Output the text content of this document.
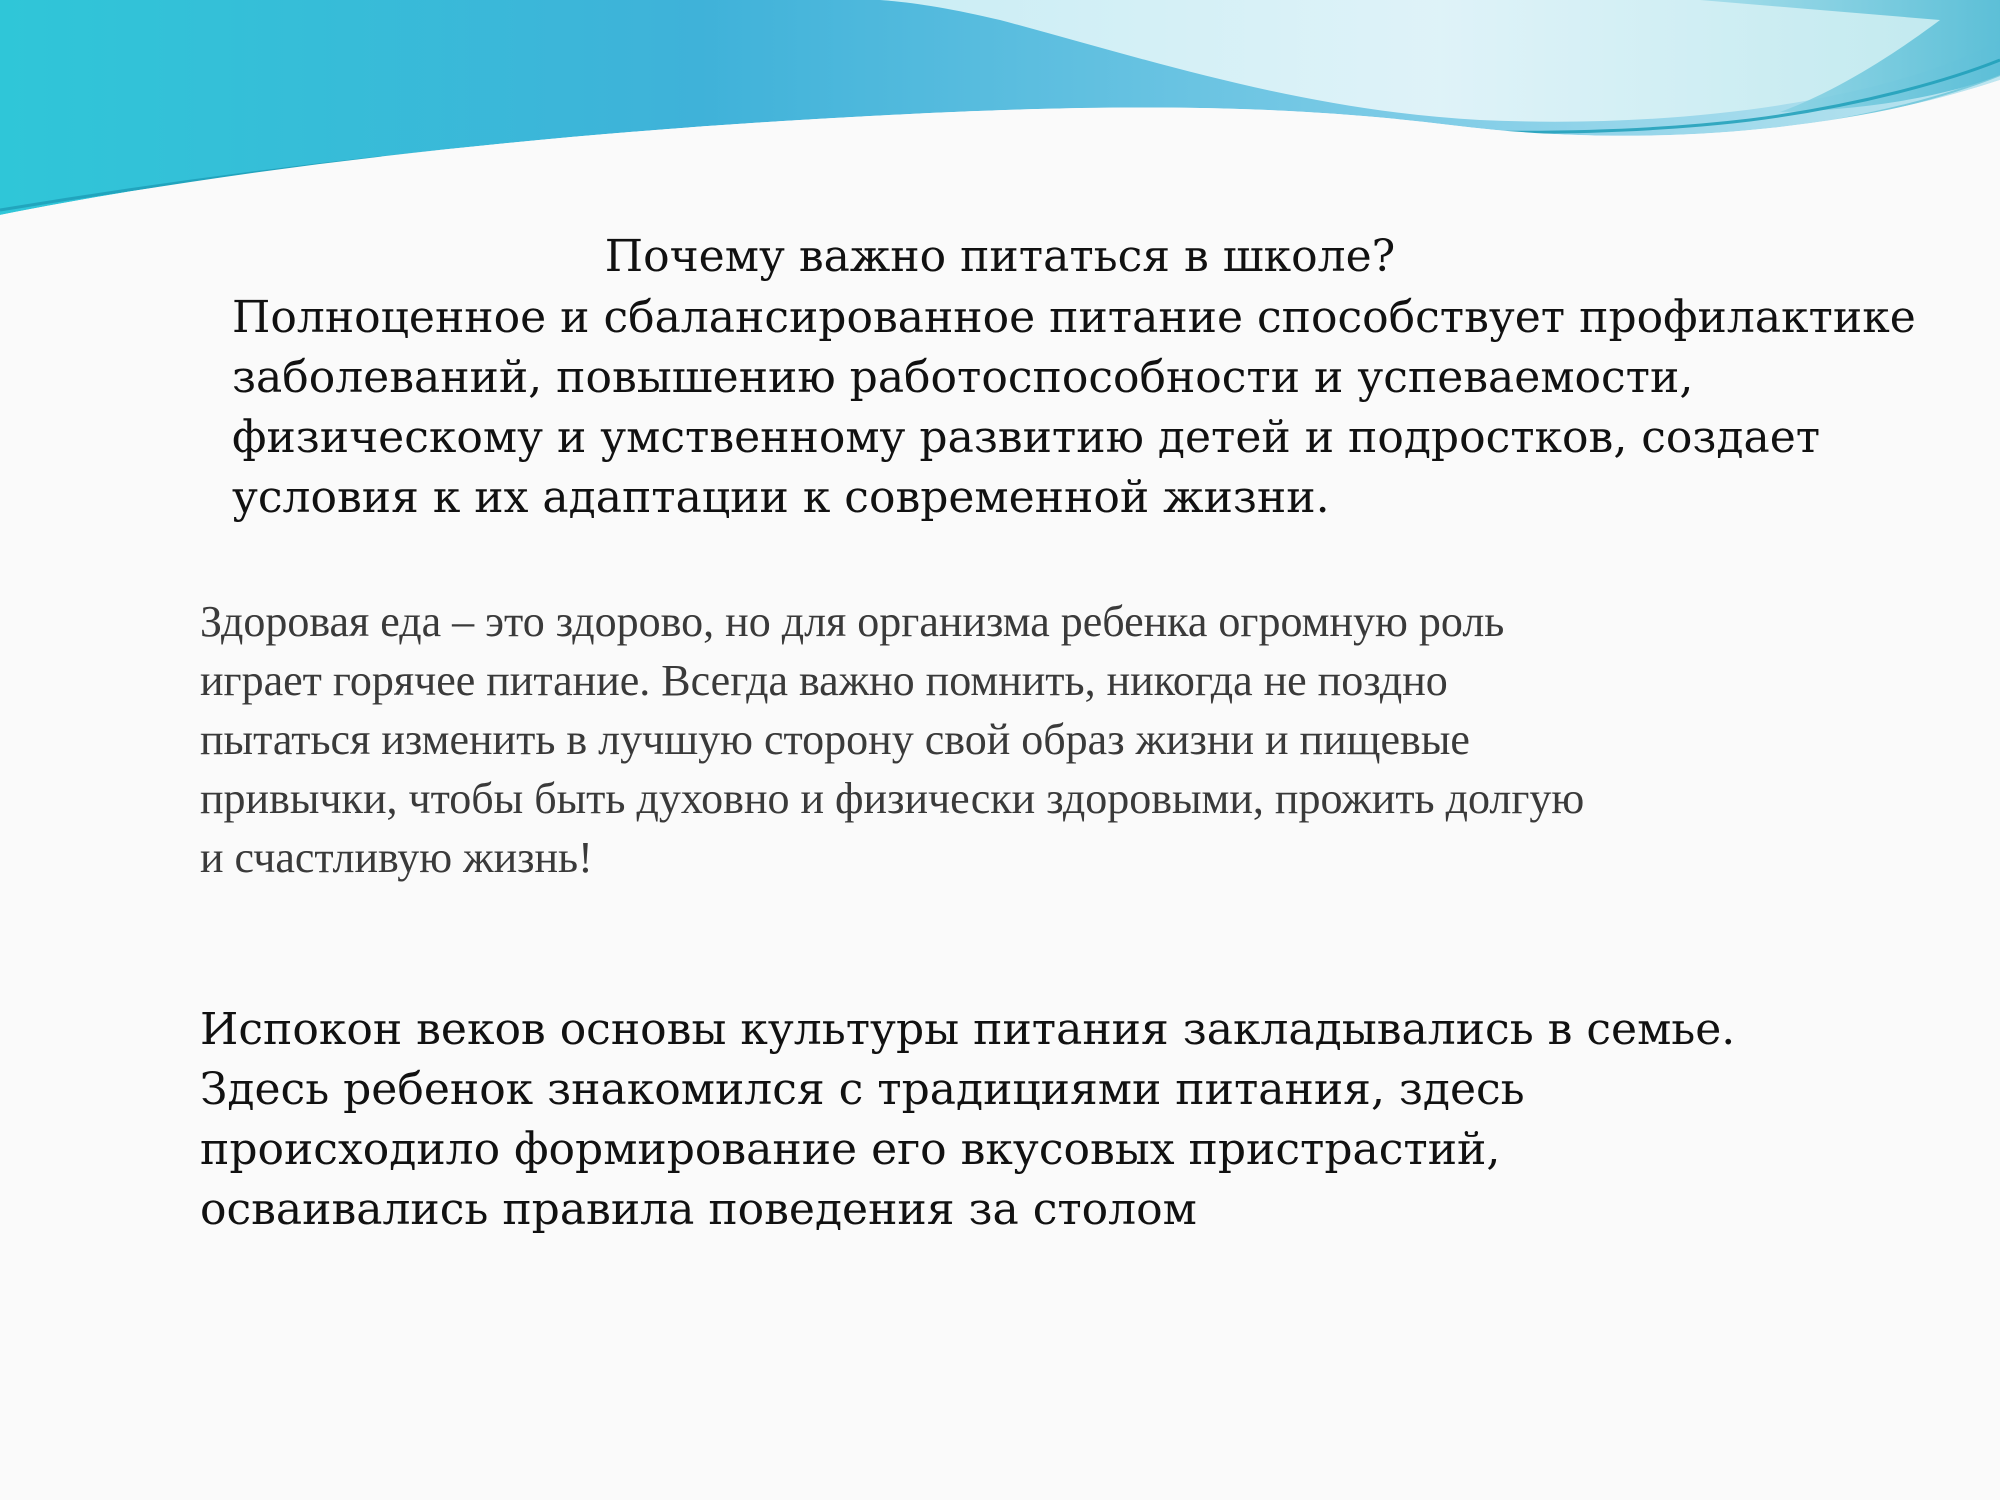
Почему важно питаться в школе?

Полноценное и сбалансированное питание способствует профилактике
заболеваний, повышению работоспособности и успеваемости,
физическому и умственному развитию детей и подростков, создает
условия к их адаптации к современной жизни.

Здоровая еда – это здорово, но для организма ребенка огромную роль
играет горячее питание. Всегда важно помнить, никогда не поздно
пытаться изменить в лучшую сторону свой образ жизни и пищевые
привычки, чтобы быть духовно и физически здоровыми, прожить долгую
и счастливую жизнь!

Испокон веков основы культуры питания закладывались в семье.
Здесь ребенок знакомился с традициями питания, здесь
происходило формирование его вкусовых пристрастий,
осваивались правила поведения за столом
